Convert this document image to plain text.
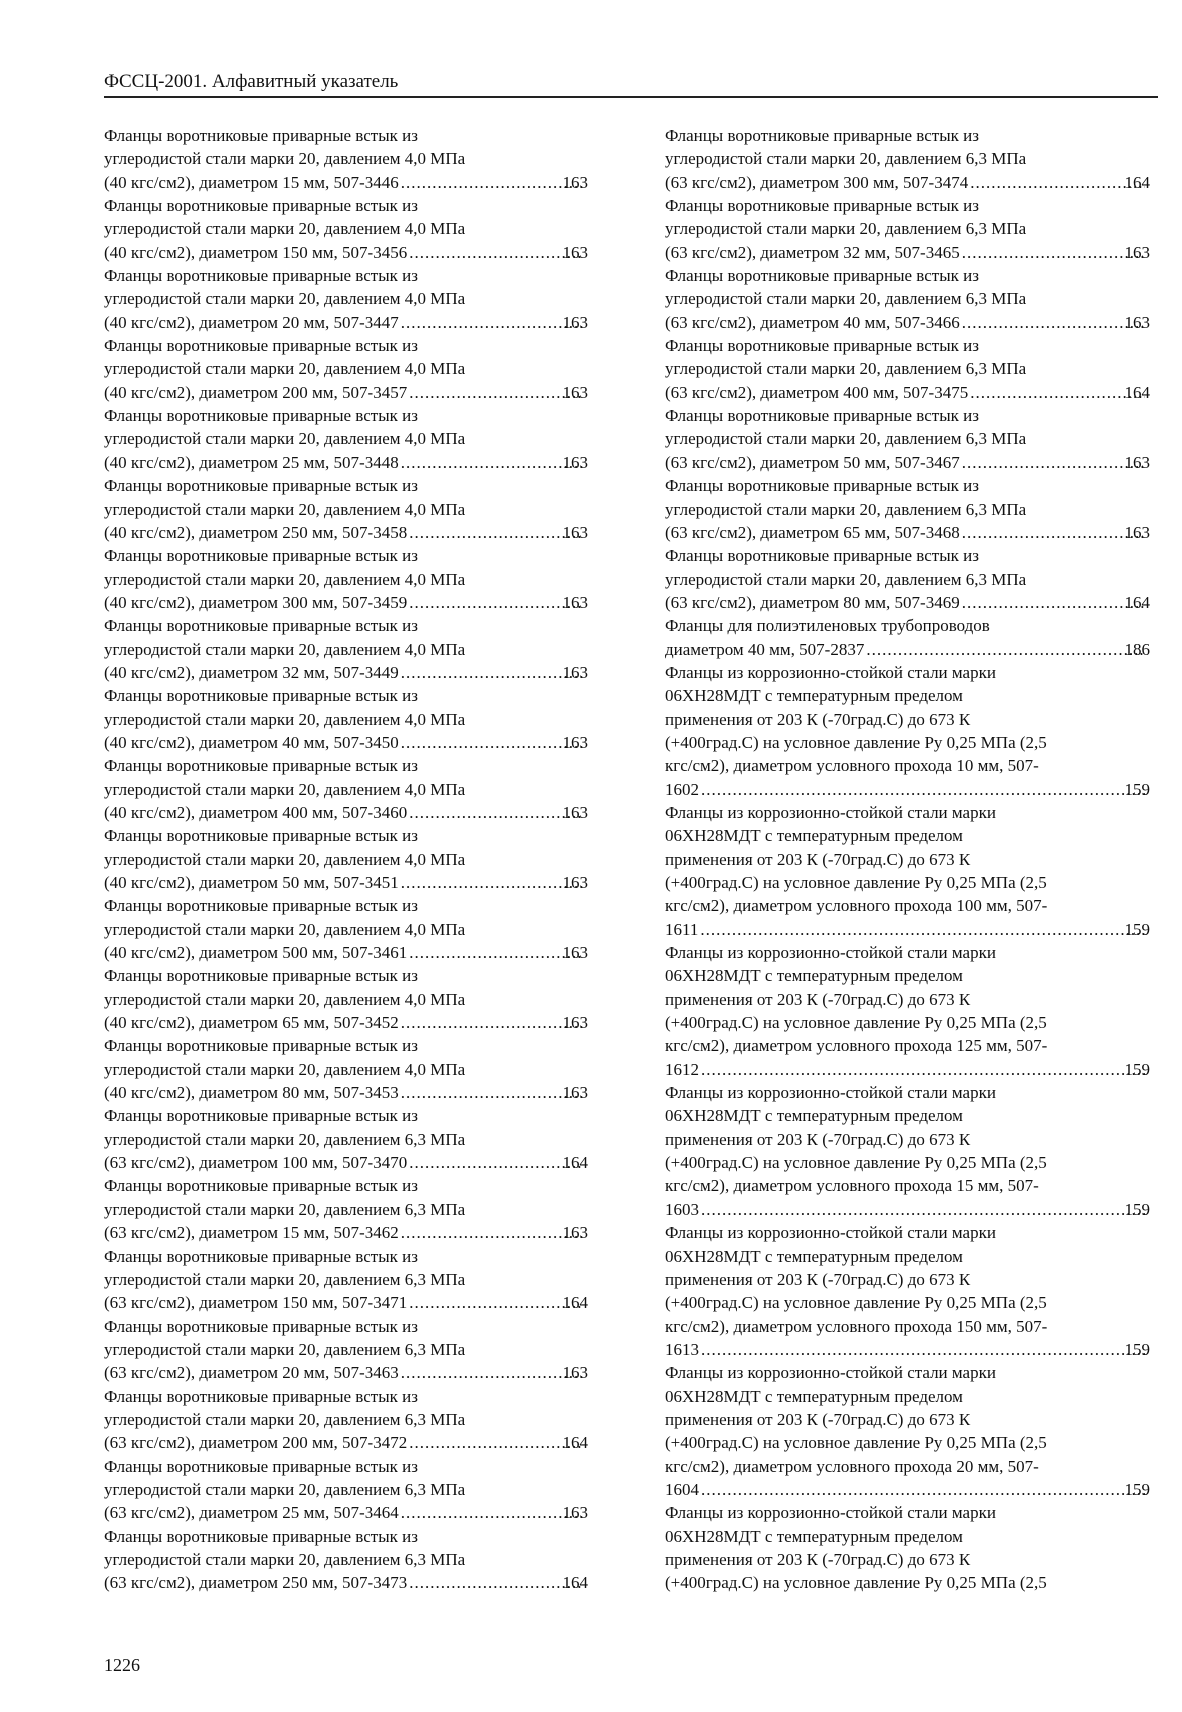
ФССЦ-2001. Алфавитный указатель
Фланцы воротниковые приварные встык из
углеродистой стали марки 20, давлением 4,0 МПа
(40 кгс/см2), диаметром 15 мм, 507-3446 .....	163
Фланцы воротниковые приварные встык из
углеродистой стали марки 20, давлением 4,0 МПа
(40 кгс/см2), диаметром 150 мм, 507-3456 .....	163
Фланцы воротниковые приварные встык из
углеродистой стали марки 20, давлением 4,0 МПа
(40 кгс/см2), диаметром 20 мм, 507-3447 .....	163
Фланцы воротниковые приварные встык из
углеродистой стали марки 20, давлением 4,0 МПа
(40 кгс/см2), диаметром 200 мм, 507-3457 .....	163
Фланцы воротниковые приварные встык из
углеродистой стали марки 20, давлением 4,0 МПа
(40 кгс/см2), диаметром 25 мм, 507-3448 .....	163
Фланцы воротниковые приварные встык из
углеродистой стали марки 20, давлением 4,0 МПа
(40 кгс/см2), диаметром 250 мм, 507-3458 .....	163
Фланцы воротниковые приварные встык из
углеродистой стали марки 20, давлением 4,0 МПа
(40 кгс/см2), диаметром 300 мм, 507-3459 .....	163
Фланцы воротниковые приварные встык из
углеродистой стали марки 20, давлением 4,0 МПа
(40 кгс/см2), диаметром 32 мм, 507-3449 .....	163
Фланцы воротниковые приварные встык из
углеродистой стали марки 20, давлением 4,0 МПа
(40 кгс/см2), диаметром 40 мм, 507-3450 .....	163
Фланцы воротниковые приварные встык из
углеродистой стали марки 20, давлением 4,0 МПа
(40 кгс/см2), диаметром 400 мм, 507-3460 .....	163
Фланцы воротниковые приварные встык из
углеродистой стали марки 20, давлением 4,0 МПа
(40 кгс/см2), диаметром 50 мм, 507-3451 .....	163
Фланцы воротниковые приварные встык из
углеродистой стали марки 20, давлением 4,0 МПа
(40 кгс/см2), диаметром 500 мм, 507-3461 .....	163
Фланцы воротниковые приварные встык из
углеродистой стали марки 20, давлением 4,0 МПа
(40 кгс/см2), диаметром 65 мм, 507-3452 .....	163
Фланцы воротниковые приварные встык из
углеродистой стали марки 20, давлением 4,0 МПа
(40 кгс/см2), диаметром 80 мм, 507-3453 .....	163
Фланцы воротниковые приварные встык из
углеродистой стали марки 20, давлением 6,3 МПа
(63 кгс/см2), диаметром 100 мм, 507-3470 .....	164
Фланцы воротниковые приварные встык из
углеродистой стали марки 20, давлением 6,3 МПа
(63 кгс/см2), диаметром 15 мм, 507-3462 .....	163
Фланцы воротниковые приварные встык из
углеродистой стали марки 20, давлением 6,3 МПа
(63 кгс/см2), диаметром 150 мм, 507-3471 .....	164
Фланцы воротниковые приварные встык из
углеродистой стали марки 20, давлением 6,3 МПа
(63 кгс/см2), диаметром 20 мм, 507-3463 .....	163
Фланцы воротниковые приварные встык из
углеродистой стали марки 20, давлением 6,3 МПа
(63 кгс/см2), диаметром 200 мм, 507-3472 .....	164
Фланцы воротниковые приварные встык из
углеродистой стали марки 20, давлением 6,3 МПа
(63 кгс/см2), диаметром 25 мм, 507-3464 .....	163
Фланцы воротниковые приварные встык из
углеродистой стали марки 20, давлением 6,3 МПа
(63 кгс/см2), диаметром 250 мм, 507-3473 .....	164
Фланцы воротниковые приварные встык из
углеродистой стали марки 20, давлением 6,3 МПа
(63 кгс/см2), диаметром 300 мм, 507-3474 .....	164
Фланцы воротниковые приварные встык из
углеродистой стали марки 20, давлением 6,3 МПа
(63 кгс/см2), диаметром 32 мм, 507-3465 .....	163
Фланцы воротниковые приварные встык из
углеродистой стали марки 20, давлением 6,3 МПа
(63 кгс/см2), диаметром 40 мм, 507-3466 .....	163
Фланцы воротниковые приварные встык из
углеродистой стали марки 20, давлением 6,3 МПа
(63 кгс/см2), диаметром 400 мм, 507-3475 .....	164
Фланцы воротниковые приварные встык из
углеродистой стали марки 20, давлением 6,3 МПа
(63 кгс/см2), диаметром 50 мм, 507-3467 .....	163
Фланцы воротниковые приварные встык из
углеродистой стали марки 20, давлением 6,3 МПа
(63 кгс/см2), диаметром 65 мм, 507-3468 .....	163
Фланцы воротниковые приварные встык из
углеродистой стали марки 20, давлением 6,3 МПа
(63 кгс/см2), диаметром 80 мм, 507-3469 .....	164
Фланцы для полиэтиленовых трубопроводов
диаметром 40 мм, 507-2837 .....	186
Фланцы из коррозионно-стойкой стали марки
06ХН28МДТ с температурным пределом
применения от 203 К (-70град.С) до 673 К
(+400град.С) на условное давление Ру 0,25 МПа (2,5
кгс/см2), диаметром условного прохода 10 мм, 507-
1602 .....	159
Фланцы из коррозионно-стойкой стали марки
06ХН28МДТ с температурным пределом
применения от 203 К (-70град.С) до 673 К
(+400град.С) на условное давление Ру 0,25 МПа (2,5
кгс/см2), диаметром условного прохода 100 мм, 507-
1611 .....	159
Фланцы из коррозионно-стойкой стали марки
06ХН28МДТ с температурным пределом
применения от 203 К (-70град.С) до 673 К
(+400град.С) на условное давление Ру 0,25 МПа (2,5
кгс/см2), диаметром условного прохода 125 мм, 507-
1612 .....	159
Фланцы из коррозионно-стойкой стали марки
06ХН28МДТ с температурным пределом
применения от 203 К (-70град.С) до 673 К
(+400град.С) на условное давление Ру 0,25 МПа (2,5
кгс/см2), диаметром условного прохода 15 мм, 507-
1603 .....	159
Фланцы из коррозионно-стойкой стали марки
06ХН28МДТ с температурным пределом
применения от 203 К (-70град.С) до 673 К
(+400град.С) на условное давление Ру 0,25 МПа (2,5
кгс/см2), диаметром условного прохода 150 мм, 507-
1613 .....	159
Фланцы из коррозионно-стойкой стали марки
06ХН28МДТ с температурным пределом
применения от 203 К (-70град.С) до 673 К
(+400град.С) на условное давление Ру 0,25 МПа (2,5
кгс/см2), диаметром условного прохода 20 мм, 507-
1604 .....	159
Фланцы из коррозионно-стойкой стали марки
06ХН28МДТ с температурным пределом
применения от 203 К (-70град.С) до 673 К
(+400град.С) на условное давление Ру 0,25 МПа (2,5
1226
